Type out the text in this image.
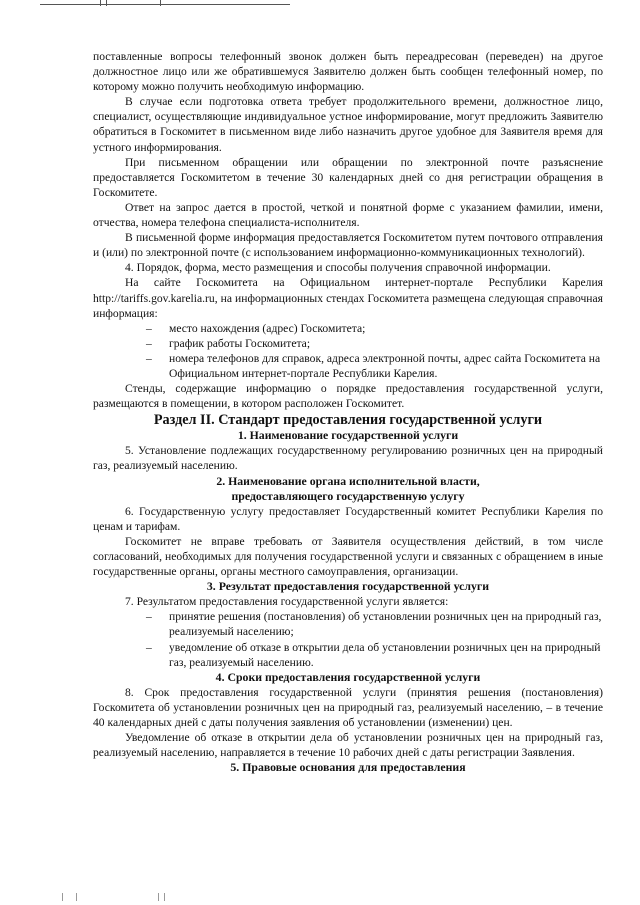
поставленные вопросы телефонный звонок должен быть переадресован (переведен) на другое должностное лицо или же обратившемуся Заявителю должен быть сообщен телефонный номер, по которому можно получить необходимую информацию.

В случае если подготовка ответа требует продолжительного времени, должностное лицо, специалист, осуществляющие индивидуальное устное информирование, могут предложить Заявителю обратиться в Госкомитет в письменном виде либо назначить другое удобное для Заявителя время для устного информирования.

При письменном обращении или обращении по электронной почте разъяснение предоставляется Госкомитетом в течение 30 календарных дней со дня регистрации обращения в Госкомитете.

Ответ на запрос дается в простой, четкой и понятной форме с указанием фамилии, имени, отчества, номера телефона специалиста-исполнителя.

В письменной форме информация предоставляется Госкомитетом путем почтового отправления и (или) по электронной почте (с использованием информационно-коммуникационных технологий).

4. Порядок, форма, место размещения и способы получения справочной информации.

На сайте Госкомитета на Официальном интернет-портале Республики Карелия http://tariffs.gov.karelia.ru, на информационных стендах Госкомитета размещена следующая справочная информация:

– место нахождения (адрес) Госкомитета;
– график работы Госкомитета;
– номера телефонов для справок, адреса электронной почты, адрес сайта Госкомитета на Официальном интернет-портале Республики Карелия.

Стенды, содержащие информацию о порядке предоставления государственной услуги, размещаются в помещении, в котором расположен Госкомитет.

Раздел II. Стандарт предоставления государственной услуги
1. Наименование государственной услуги

5. Установление подлежащих государственному регулированию розничных цен на природный газ, реализуемый населению.

2. Наименование органа исполнительной власти,
предоставляющего государственную услугу

6. Государственную услугу предоставляет Государственный комитет Республики Карелия по ценам и тарифам.

Госкомитет не вправе требовать от Заявителя осуществления действий, в том числе согласований, необходимых для получения государственной услуги и связанных с обращением в иные государственные органы, органы местного самоуправления, организации.

3. Результат предоставления государственной услуги

7. Результатом предоставления государственной услуги является:

– принятие решения (постановления) об установлении розничных цен на природный газ, реализуемый населению;
– уведомление об отказе в открытии дела об установлении розничных цен на природный газ, реализуемый населению.
4. Сроки предоставления государственной услуги

8. Срок предоставления государственной услуги (принятия решения (постановления) Госкомитета об установлении розничных цен на природный газ, реализуемый населению, – в течение 40 календарных дней с даты получения заявления об установлении (изменении) цен.

Уведомление об отказе в открытии дела об установлении розничных цен на природный газ, реализуемый населению, направляется в течение 10 рабочих дней с даты регистрации Заявления.

5. Правовые основания для предоставления
